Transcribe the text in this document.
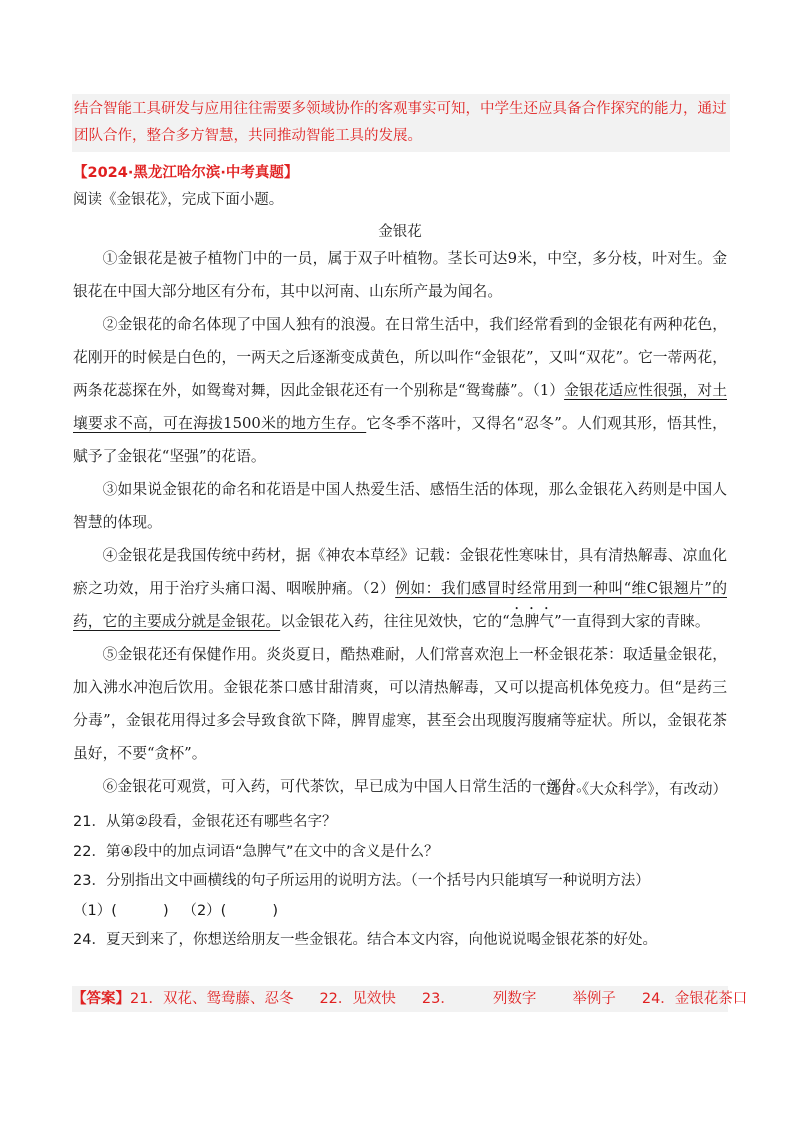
结合智能工具研发与应用往往需要多领域协作的客观事实可知，中学生还应具备合作探究的能力，通过团队合作，整合多方智慧，共同推动智能工具的发展。
【2024·黑龙江哈尔滨·中考真题】
阅读《金银花》，完成下面小题。
金银花

①金银花是被子植物门中的一员，属于双子叶植物。茎长可达9米，中空，多分枝，叶对生。金银花在中国大部分地区有分布，其中以河南、山东所产最为闻名。

②金银花的命名体现了中国人独有的浪漫。在日常生活中，我们经常看到的金银花有两种花色，花刚开的时候是白色的，一两天之后逐渐变成黄色，所以叫作“金银花”，又叫“双花”。它一蒂两花，两条花蕊探在外，如鸳鸯对舞，因此金银花还有一个别称是“鸳鸯藤”。（1）金银花适应性很强，对土壤要求不高，可在海拔1500米的地方生存。它冬季不落叶，又得名“忍冬”。人们观其形，悟其性，赋予了金银花“坚强”的花语。

③如果说金银花的命名和花语是中国人热爱生活、感悟生活的体现，那么金银花入药则是中国人智慧的体现。

④金银花是我国传统中药材，据《神农本草经》记载：金银花性寒味甘，具有清热解毒、凉血化瘀之功效，用于治疗头痛口渴、咽喉肿痛。（2）例如：我们感冒时经常用到一种叫“维C银翘片”的药，它的主要成分就是金银花。以金银花入药，往往见效快，它的“急脾气”一直得到大家的青睐。

⑤金银花还有保健作用。炎炎夏日，酷热难耐，人们常喜欢泡上一杯金银花茶：取适量金银花，加入沸水冲泡后饮用。金银花茶口感甘甜清爽，可以清热解毒，又可以提高机体免疫力。但“是药三分毒”，金银花用得过多会导致食欲下降，脾胃虚寒，甚至会出现腹泻腹痛等症状。所以，金银花茶虽好，不要“贪杯”。

⑥金银花可观赏，可入药，可代茶饮，早已成为中国人日常生活的一部分。

（选自《大众科学》，有改动）
21．从第②段看，金银花还有哪些名字？
22．第④段中的加点词语“急脾气”在文中的含义是什么？
23．分别指出文中画横线的句子所运用的说明方法。（一个括号内只能填写一种说明方法）
（1）(          )   （2）(          )
24．夏天到来了，你想送给朋友一些金银花。结合本文内容，向他说说喝金银花茶的好处。
【答案】21．双花、鸳鸯藤、忍冬 22．见效快 23．	列数字 举例子 24．金银花茶口
